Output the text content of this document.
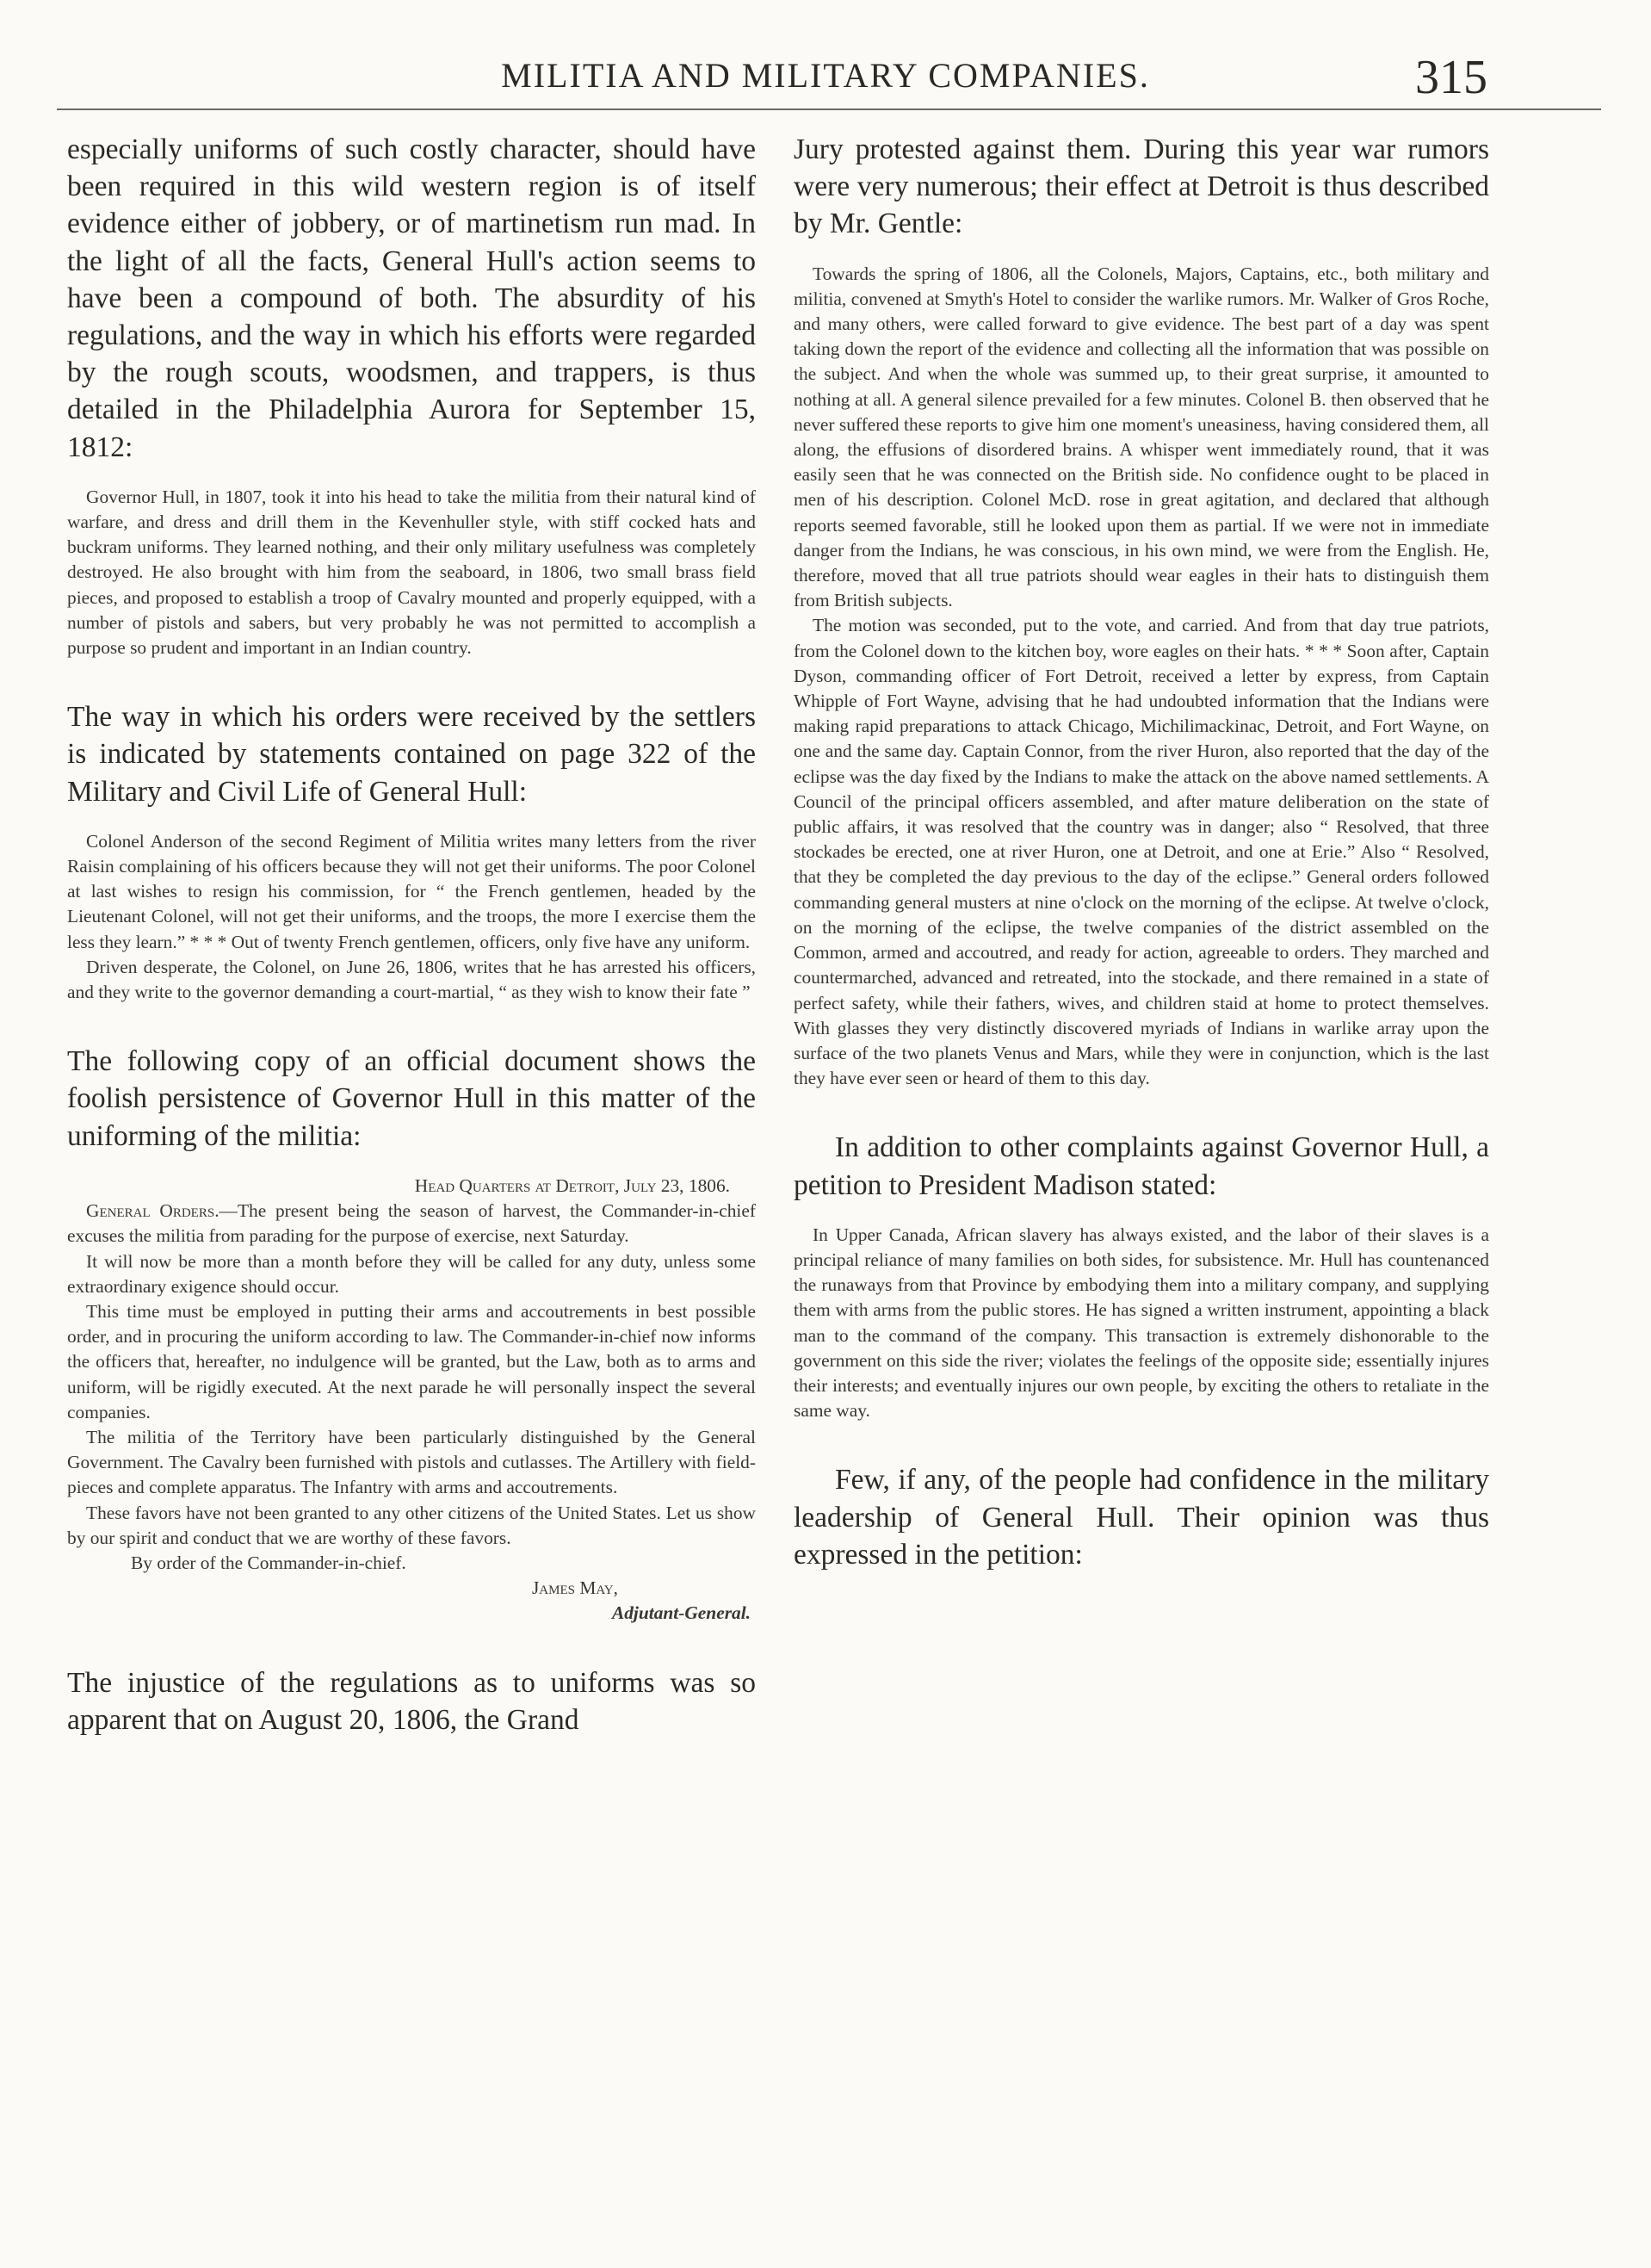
MILITIA AND MILITARY COMPANIES.	315

especially uniforms of such costly character, should have been required in this wild western region is of itself evidence either of jobbery, or of martinetism run mad. In the light of all the facts, General Hull's action seems to have been a compound of both. The absurdity of his regulations, and the way in which his efforts were regarded by the rough scouts, woodsmen, and trappers, is thus detailed in the Philadelphia Aurora for September 15, 1812:

Governor Hull, in 1807, took it into his head to take the militia from their natural kind of warfare, and dress and drill them in the Kevenhuller style, with stiff cocked hats and buckram uniforms. They learned nothing, and their only military usefulness was completely destroyed. He also brought with him from the seaboard, in 1806, two small brass field pieces, and proposed to establish a troop of Cavalry mounted and properly equipped, with a number of pistols and sabers, but very probably he was not permitted to accomplish a purpose so prudent and important in an Indian country.

The way in which his orders were received by the settlers is indicated by statements contained on page 322 of the Military and Civil Life of General Hull:

Colonel Anderson of the second Regiment of Militia writes many letters from the river Raisin complaining of his officers because they will not get their uniforms. The poor Colonel at last wishes to resign his commission, for “ the French gentlemen, headed by the Lieutenant Colonel, will not get their uniforms, and the troops, the more I exercise them the less they learn.” * * * Out of twenty French gentlemen, officers, only five have any uniform.

Driven desperate, the Colonel, on June 26, 1806, writes that he has arrested his officers, and they write to the governor demanding a court-martial, “ as they wish to know their fate ”

The following copy of an official document shows the foolish persistence of Governor Hull in this matter of the uniforming of the militia:

Head Quarters at Detroit, July 23, 1806.

General Orders.—The present being the season of harvest, the Commander-in-chief excuses the militia from parading for the purpose of exercise, next Saturday.

It will now be more than a month before they will be called for any duty, unless some extraordinary exigence should occur.

This time must be employed in putting their arms and accoutrements in best possible order, and in procuring the uniform according to law. The Commander-in-chief now informs the officers that, hereafter, no indulgence will be granted, but the Law, both as to arms and uniform, will be rigidly executed. At the next parade he will personally inspect the several companies.

The militia of the Territory have been particularly distinguished by the General Government. The Cavalry been furnished with pistols and cutlasses. The Artillery with field-pieces and complete apparatus. The Infantry with arms and accoutrements.

These favors have not been granted to any other citizens of the United States. Let us show by our spirit and conduct that we are worthy of these favors.

By order of the Commander-in-chief.

James May,

Adjutant-General.

The injustice of the regulations as to uniforms was so apparent that on August 20, 1806, the Grand

Jury protested against them. During this year war rumors were very numerous; their effect at Detroit is thus described by Mr. Gentle:

Towards the spring of 1806, all the Colonels, Majors, Captains, etc., both military and militia, convened at Smyth's Hotel to consider the warlike rumors. Mr. Walker of Gros Roche, and many others, were called forward to give evidence. The best part of a day was spent taking down the report of the evidence and collecting all the information that was possible on the subject. And when the whole was summed up, to their great surprise, it amounted to nothing at all. A general silence prevailed for a few minutes. Colonel B. then observed that he never suffered these reports to give him one moment's uneasiness, having considered them, all along, the effusions of disordered brains. A whisper went immediately round, that it was easily seen that he was connected on the British side. No confidence ought to be placed in men of his description. Colonel McD. rose in great agitation, and declared that although reports seemed favorable, still he looked upon them as partial. If we were not in immediate danger from the Indians, he was conscious, in his own mind, we were from the English. He, therefore, moved that all true patriots should wear eagles in their hats to distinguish them from British subjects.

The motion was seconded, put to the vote, and carried. And from that day true patriots, from the Colonel down to the kitchen boy, wore eagles on their hats. * * * Soon after, Captain Dyson, commanding officer of Fort Detroit, received a letter by express, from Captain Whipple of Fort Wayne, advising that he had undoubted information that the Indians were making rapid preparations to attack Chicago, Michilimackinac, Detroit, and Fort Wayne, on one and the same day. Captain Connor, from the river Huron, also reported that the day of the eclipse was the day fixed by the Indians to make the attack on the above named settlements. A Council of the principal officers assembled, and after mature deliberation on the state of public affairs, it was resolved that the country was in danger; also “ Resolved, that three stockades be erected, one at river Huron, one at Detroit, and one at Erie.” Also “ Resolved, that they be completed the day previous to the day of the eclipse.” General orders followed commanding general musters at nine o'clock on the morning of the eclipse. At twelve o'clock, on the morning of the eclipse, the twelve companies of the district assembled on the Common, armed and accoutred, and ready for action, agreeable to orders. They marched and countermarched, advanced and retreated, into the stockade, and there remained in a state of perfect safety, while their fathers, wives, and children staid at home to protect themselves. With glasses they very distinctly discovered myriads of Indians in warlike array upon the surface of the two planets Venus and Mars, while they were in conjunction, which is the last they have ever seen or heard of them to this day.

In addition to other complaints against Governor Hull, a petition to President Madison stated:

In Upper Canada, African slavery has always existed, and the labor of their slaves is a principal reliance of many families on both sides, for subsistence. Mr. Hull has countenanced the runaways from that Province by embodying them into a military company, and supplying them with arms from the public stores. He has signed a written instrument, appointing a black man to the command of the company. This transaction is extremely dishonorable to the government on this side the river; violates the feelings of the opposite side; essentially injures their interests; and eventually injures our own people, by exciting the others to retaliate in the same way.

Few, if any, of the people had confidence in the military leadership of General Hull. Their opinion was thus expressed in the petition:
